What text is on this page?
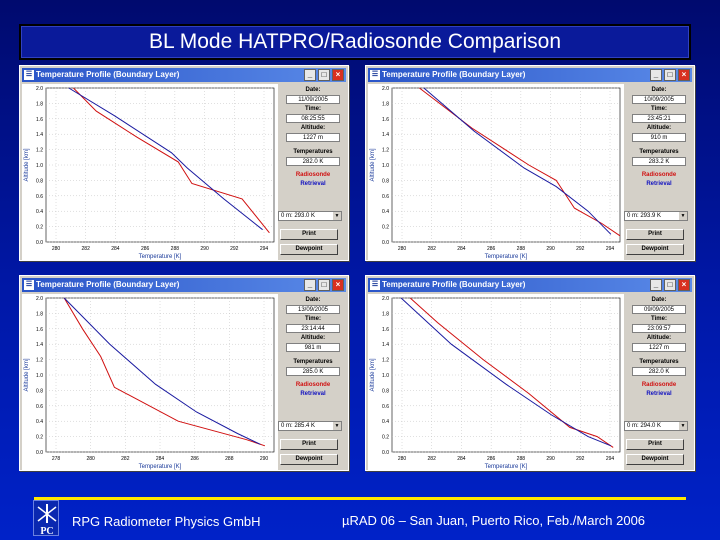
BL Mode HATPRO/Radiosonde Comparison
☰ Temperature Profile (Boundary Layer)	_	□	×
2.0
1.8
1.6
1.4
1.2
1.0
0.8
0.6
0.4
0.2
0.0
280	282	284	286	288	290	292	294
Altitude [km]
Temperature [K]
Date:
11/09/2005
Time:
08:25:55
Altitude:
1227 m
Temperatures
282.0 K
Radiosonde
Retrieval
0 m: 293.0 K	▼
Print
Dewpoint
☰ Temperature Profile (Boundary Layer)	_	□	×
2.0
1.8
1.6
1.4
1.2
1.0
0.8
0.6
0.4
0.2
0.0
280	282	284	286	288	290	292	294
Altitude [km]
Temperature [K]
Date:
10/09/2005
Time:
23:45:21
Altitude:
910 m
Temperatures
283.2 K
Radiosonde
Retrieval
0 m: 293.9 K	▼
Print
Dewpoint
☰ Temperature Profile (Boundary Layer)	_	□	×
2.0
1.8
1.6
1.4
1.2
1.0
0.8
0.6
0.4
0.2
0.0
278	280	282	284	286	288	290
Altitude [km]
Temperature [K]
Date:
13/09/2005
Time:
23:14:44
Altitude:
981 m
Temperatures
285.0 K
Radiosonde
Retrieval
0 m: 285.4 K	▼
Print
Dewpoint
☰ Temperature Profile (Boundary Layer)	_	□	×
2.0
1.8
1.6
1.4
1.2
1.0
0.8
0.6
0.4
0.2
0.0
280	282	284	286	288	290	292	294
Altitude [km]
Temperature [K]
Date:
09/09/2005
Time:
23:09:57
Altitude:
1227 m
Temperatures
282.0 K
Radiosonde
Retrieval
0 m: 294.0 K	▼
Print
Dewpoint
PC
RPG Radiometer Physics GmbH	µRAD 06 – San Juan, Puerto Rico, Feb./March 2006
